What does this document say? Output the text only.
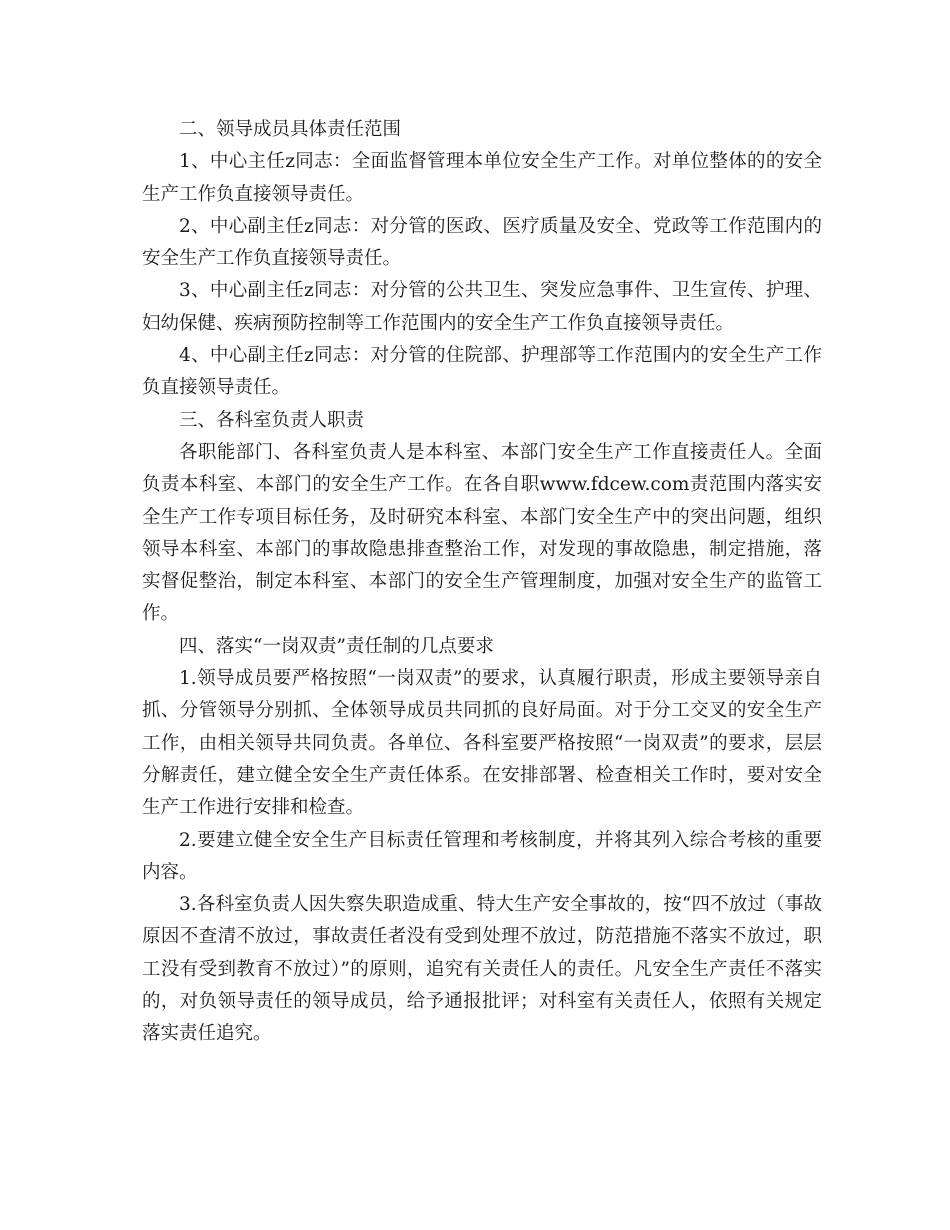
二、领导成员具体责任范围

1、中心主任z同志：全面监督管理本单位安全生产工作。对单位整体的的安全生产工作负直接领导责任。

2、中心副主任z同志：对分管的医政、医疗质量及安全、党政等工作范围内的安全生产工作负直接领导责任。

3、中心副主任z同志：对分管的公共卫生、突发应急事件、卫生宣传、护理、妇幼保健、疾病预防控制等工作范围内的安全生产工作负直接领导责任。

4、中心副主任z同志：对分管的住院部、护理部等工作范围内的安全生产工作负直接领导责任。

三、各科室负责人职责

各职能部门、各科室负责人是本科室、本部门安全生产工作直接责任人。全面负责本科室、本部门的安全生产工作。在各自职www.fdcew.com责范围内落实安全生产工作专项目标任务，及时研究本科室、本部门安全生产中的突出问题，组织领导本科室、本部门的事故隐患排查整治工作，对发现的事故隐患，制定措施，落实督促整治，制定本科室、本部门的安全生产管理制度，加强对安全生产的监管工作。

四、落实“一岗双责”责任制的几点要求

1.领导成员要严格按照“一岗双责”的要求，认真履行职责，形成主要领导亲自抓、分管领导分别抓、全体领导成员共同抓的良好局面。对于分工交叉的安全生产工作，由相关领导共同负责。各单位、各科室要严格按照“一岗双责”的要求，层层分解责任，建立健全安全生产责任体系。在安排部署、检查相关工作时，要对安全生产工作进行安排和检查。

2.要建立健全安全生产目标责任管理和考核制度，并将其列入综合考核的重要内容。

3.各科室负责人因失察失职造成重、特大生产安全事故的，按“四不放过（事故原因不查清不放过，事故责任者没有受到处理不放过，防范措施不落实不放过，职工没有受到教育不放过）”的原则，追究有关责任人的责任。凡安全生产责任不落实的，对负领导责任的领导成员，给予通报批评；对科室有关责任人，依照有关规定落实责任追究。
